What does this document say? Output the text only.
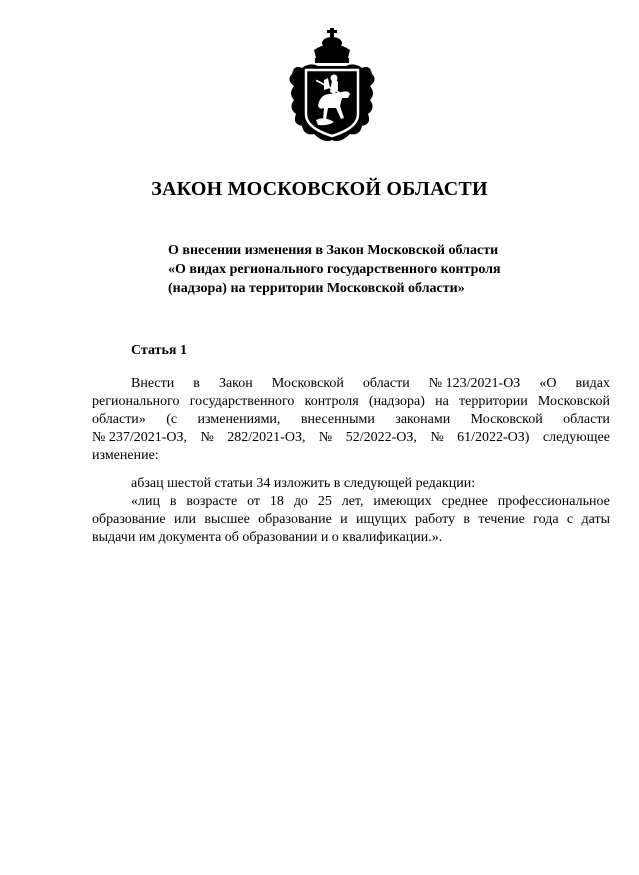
ЗАКОН МОСКОВСКОЙ ОБЛАСТИ
О внесении изменения в Закон Московской области
«О видах регионального государственного контроля
(надзора) на территории Московской области»
Статья 1
Внести в Закон Московской области № 123/2021-ОЗ «О видах
регионального государственного контроля (надзора) на территории Московской
области» (с изменениями, внесенными законами Московской области
№ 237/2021-ОЗ, № 282/2021-ОЗ, № 52/2022-ОЗ, № 61/2022-ОЗ) следующее
изменение:
абзац шестой статьи 34 изложить в следующей редакции:
«лиц в возрасте от 18 до 25 лет, имеющих среднее профессиональное
образование или высшее образование и ищущих работу в течение года с даты
выдачи им документа об образовании и о квалификации.».
